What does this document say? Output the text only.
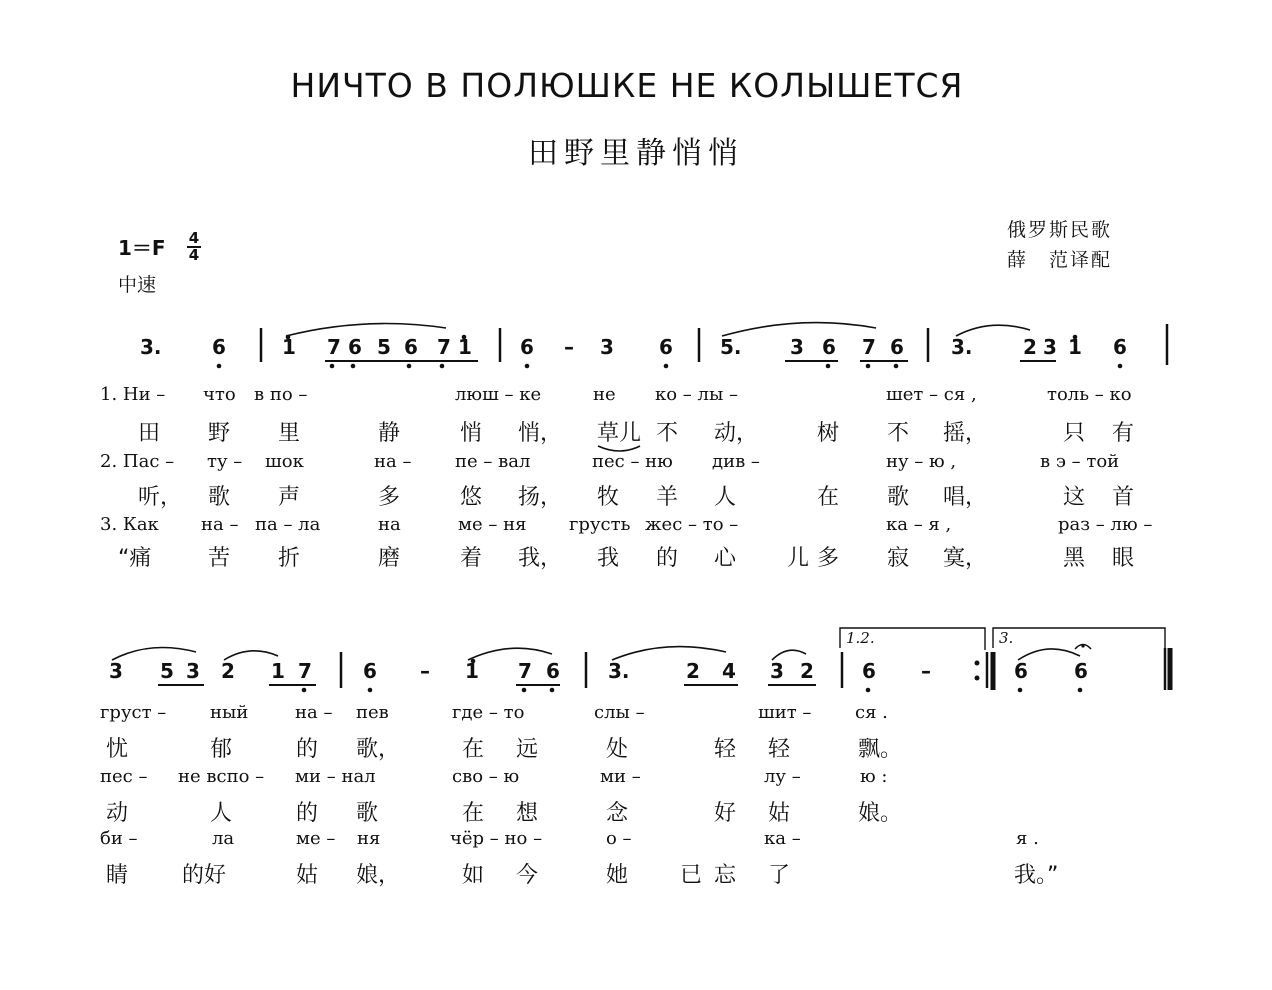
НИЧТО В ПОЛЮШКЕ НЕ КОЛЫШЕТСЯ
田野里静悄悄
1＝F 4
4
中速
俄罗斯民歌
薛　范译配
3.	6	1 7 6 5 6 7 1 6 – 3 6 5. 3 6 7 6 3.	2 3 1 6
1. Ни – что в по –	люш – ке	не ко – лы –	шет – ся ,	толь – ко
田 野 里	静	悄 悄， 草儿 不 动，	树 不 摇，	只 有
2. Пас – ту – шок	на – пе – вал	пес – ню див –	ну – ю ,	в э – той
听， 歌 声	多	悠 扬， 牧 羊 人	在 歌 唱，	这 首
3. Как на – па – ла	на	ме – ня грусть жес – то –	ка – я ,	раз – лю –
“痛	苦 折	磨	着 我， 我 的 心 儿 多 寂 寞，	黑 眼
3 5 3 2 1 7	6 – 1 7 6 3.	2 4 3 2 6 –	6 6
груст – ный	на – пев	где – то	слы –	шит – ся .
忧	郁	的 歌，	在 远	处	轻 轻	飘。
пес – не вспо – ми – нал	сво – ю	ми –	лу –	ю :
动	人	的 歌	在 想	念	好 姑	娘。
би –	ла	ме – ня	чёр – но –	о –	ка –	я .
睛 的好	姑 娘，	如 今	她 已 忘 了	我。”
1.2.	3.
